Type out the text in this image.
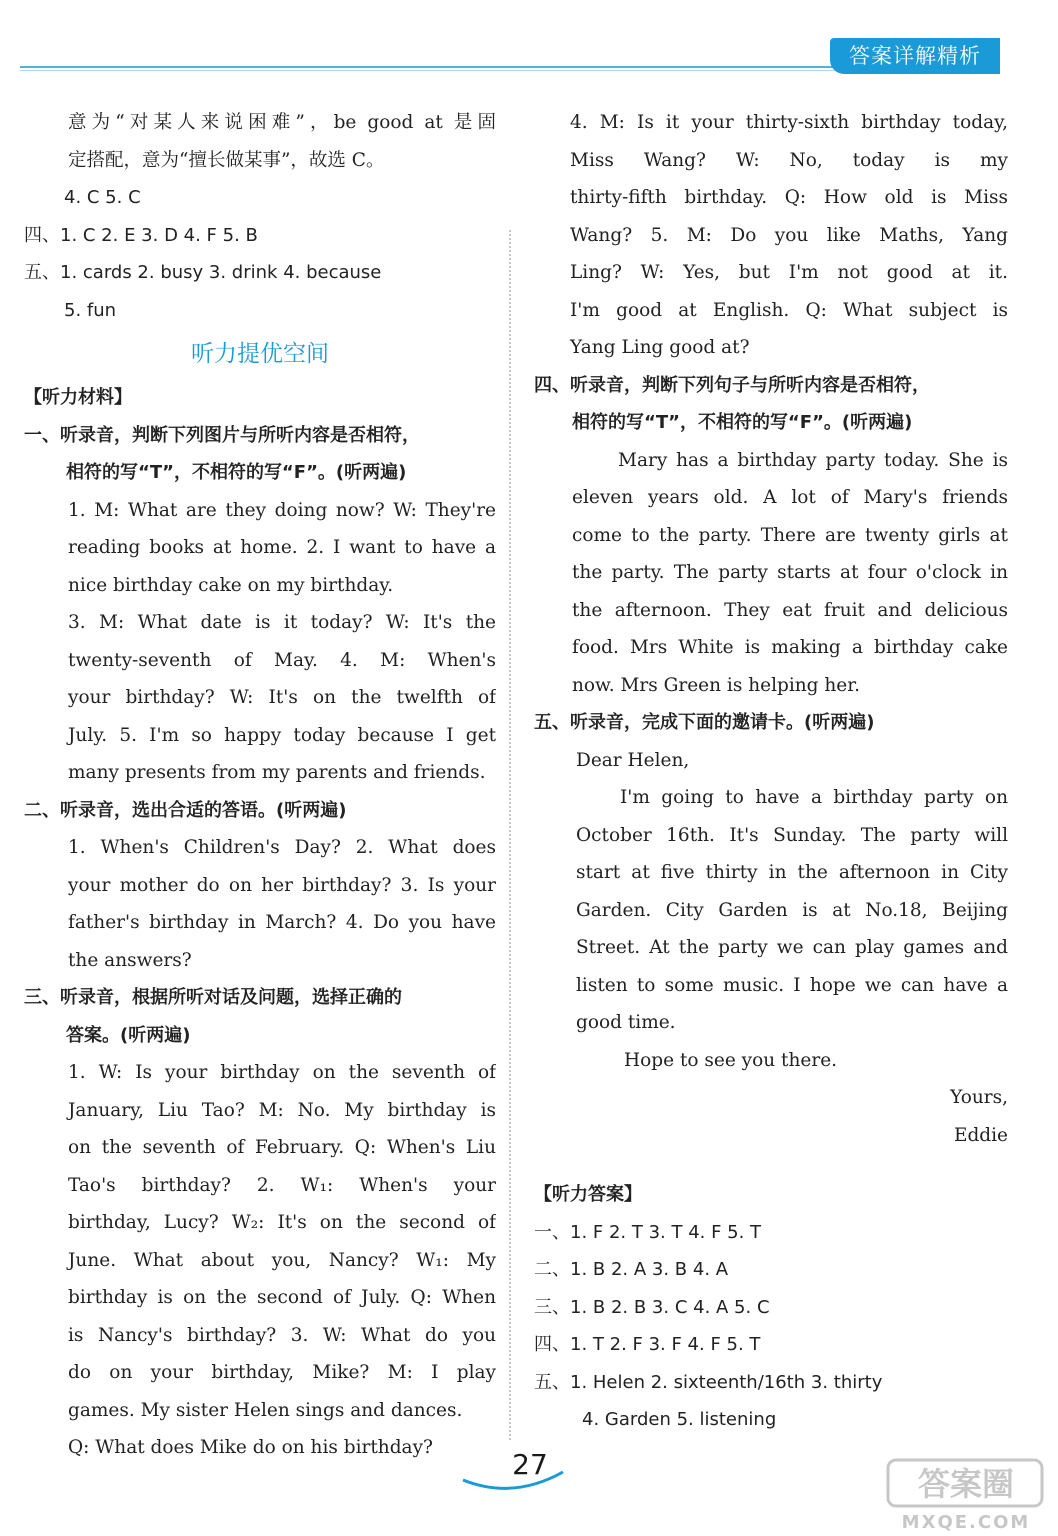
答案详解精析
意为“对某人来说困难”，be good at 是固
定搭配，意为“擅长做某事”，故选 C。
4. C 5. C
四、1. C 2. E 3. D 4. F 5. B
五、1. cards 2. busy 3. drink 4. because
5. fun
听力提优空间
【听力材料】
一、听录音，判断下列图片与所听内容是否相符，
相符的写“T”，不相符的写“F”。(听两遍)
1. M: What are they doing now? W: They're
reading books at home. 2. I want to have a
nice birthday cake on my birthday.
3. M: What date is it today? W: It's the
twenty-seventh of May. 4. M: When's
your birthday? W: It's on the twelfth of
July. 5. I'm so happy today because I get
many presents from my parents and friends.
二、听录音，选出合适的答语。(听两遍)
1. When's Children's Day? 2. What does
your mother do on her birthday? 3. Is your
father's birthday in March? 4. Do you have
the answers?
三、听录音，根据所听对话及问题，选择正确的
答案。(听两遍)
1. W: Is your birthday on the seventh of
January, Liu Tao? M: No. My birthday is
on the seventh of February. Q: When's Liu
Tao's birthday? 2. W₁: When's your
birthday, Lucy? W₂: It's on the second of
June. What about you, Nancy? W₁: My
birthday is on the second of July. Q: When
is Nancy's birthday? 3. W: What do you
do on your birthday, Mike? M: I play
games. My sister Helen sings and dances.
Q: What does Mike do on his birthday?
4. M: Is it your thirty-sixth birthday today,
Miss Wang? W: No, today is my
thirty-fifth birthday. Q: How old is Miss
Wang? 5. M: Do you like Maths, Yang
Ling? W: Yes, but I'm not good at it.
I'm good at English. Q: What subject is
Yang Ling good at?
四、听录音，判断下列句子与所听内容是否相符，
相符的写“T”，不相符的写“F”。(听两遍)
Mary has a birthday party today. She is
eleven years old. A lot of Mary's friends
come to the party. There are twenty girls at
the party. The party starts at four o'clock in
the afternoon. They eat fruit and delicious
food. Mrs White is making a birthday cake
now. Mrs Green is helping her.
五、听录音，完成下面的邀请卡。(听两遍)
Dear Helen,
I'm going to have a birthday party on
October 16th. It's Sunday. The party will
start at five thirty in the afternoon in City
Garden. City Garden is at No.18, Beijing
Street. At the party we can play games and
listen to some music. I hope we can have a
good time.
Hope to see you there.
Yours,
Eddie
【听力答案】
一、1. F 2. T 3. T 4. F 5. T
二、1. B 2. A 3. B 4. A
三、1. B 2. B 3. C 4. A 5. C
四、1. T 2. F 3. F 4. F 5. T
五、1. Helen 2. sixteenth/16th 3. thirty
4. Garden 5. listening
27
答案圈
MXQE.COM
